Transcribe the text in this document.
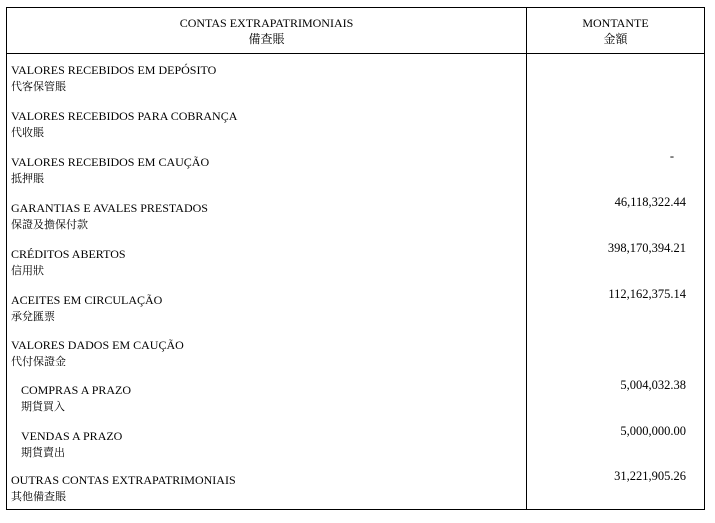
CONTAS EXTRAPATRIMONIAIS
備查賬
MONTANTE
金額
VALORES RECEBIDOS EM DEPÓSITO
代客保管賬
VALORES RECEBIDOS PARA COBRANÇA
代收賬
VALORES RECEBIDOS EM CAUÇÃO
抵押賬
-
GARANTIAS E AVALES PRESTADOS
保證及擔保付款
46,118,322.44
CRÉDITOS ABERTOS
信用狀
398,170,394.21
ACEITES EM CIRCULAÇÃO
承兌匯票
112,162,375.14
VALORES DADOS EM CAUÇÃO
代付保證金
COMPRAS A PRAZO
期貨買入
5,004,032.38
VENDAS A PRAZO
期貨賣出
5,000,000.00
OUTRAS CONTAS EXTRAPATRIMONIAIS
其他備查賬
31,221,905.26
